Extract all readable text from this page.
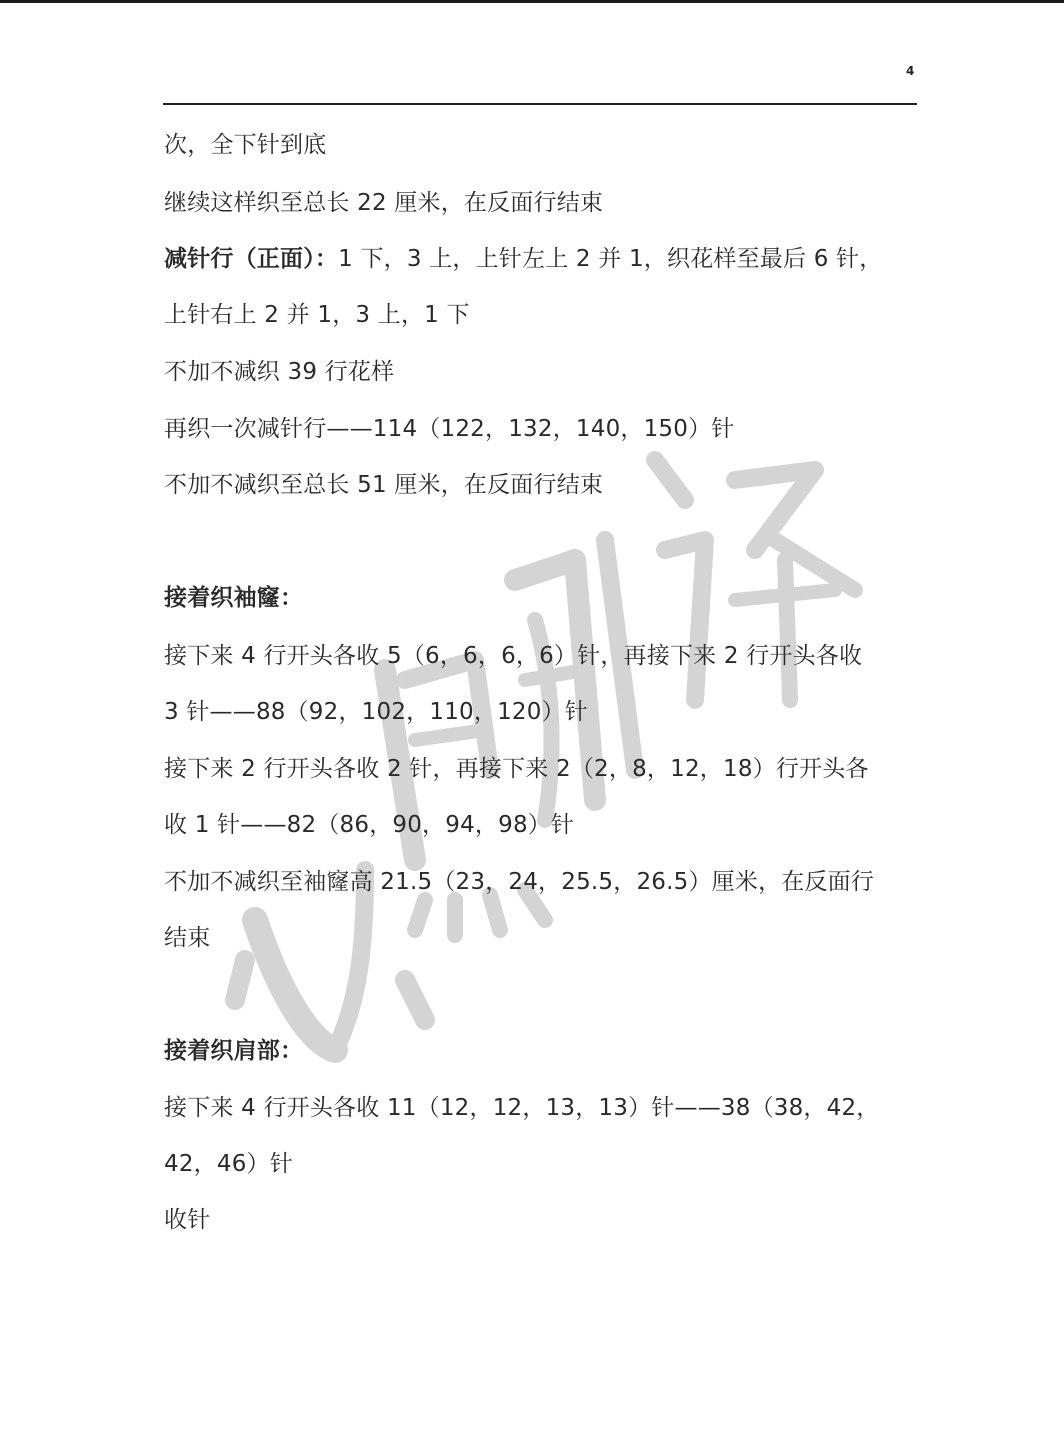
4
次，全下针到底
继续这样织至总长 22 厘米，在反面行结束
减针行（正面）：1 下，3 上，上针左上 2 并 1，织花样至最后 6 针，
上针右上 2 并 1，3 上，1 下
不加不减织 39 行花样
再织一次减针行——114（122，132，140，150）针
不加不减织至总长 51 厘米，在反面行结束
接着织袖窿：
接下来 4 行开头各收 5（6，6，6，6）针，再接下来 2 行开头各收
3 针——88（92，102，110，120）针
接下来 2 行开头各收 2 针，再接下来 2（2，8，12，18）行开头各
收 1 针——82（86，90，94，98）针
不加不减织至袖窿高 21.5（23，24，25.5，26.5）厘米，在反面行
结束
接着织肩部：
接下来 4 行开头各收 11（12，12，13，13）针——38（38，42，
42，46）针
收针
